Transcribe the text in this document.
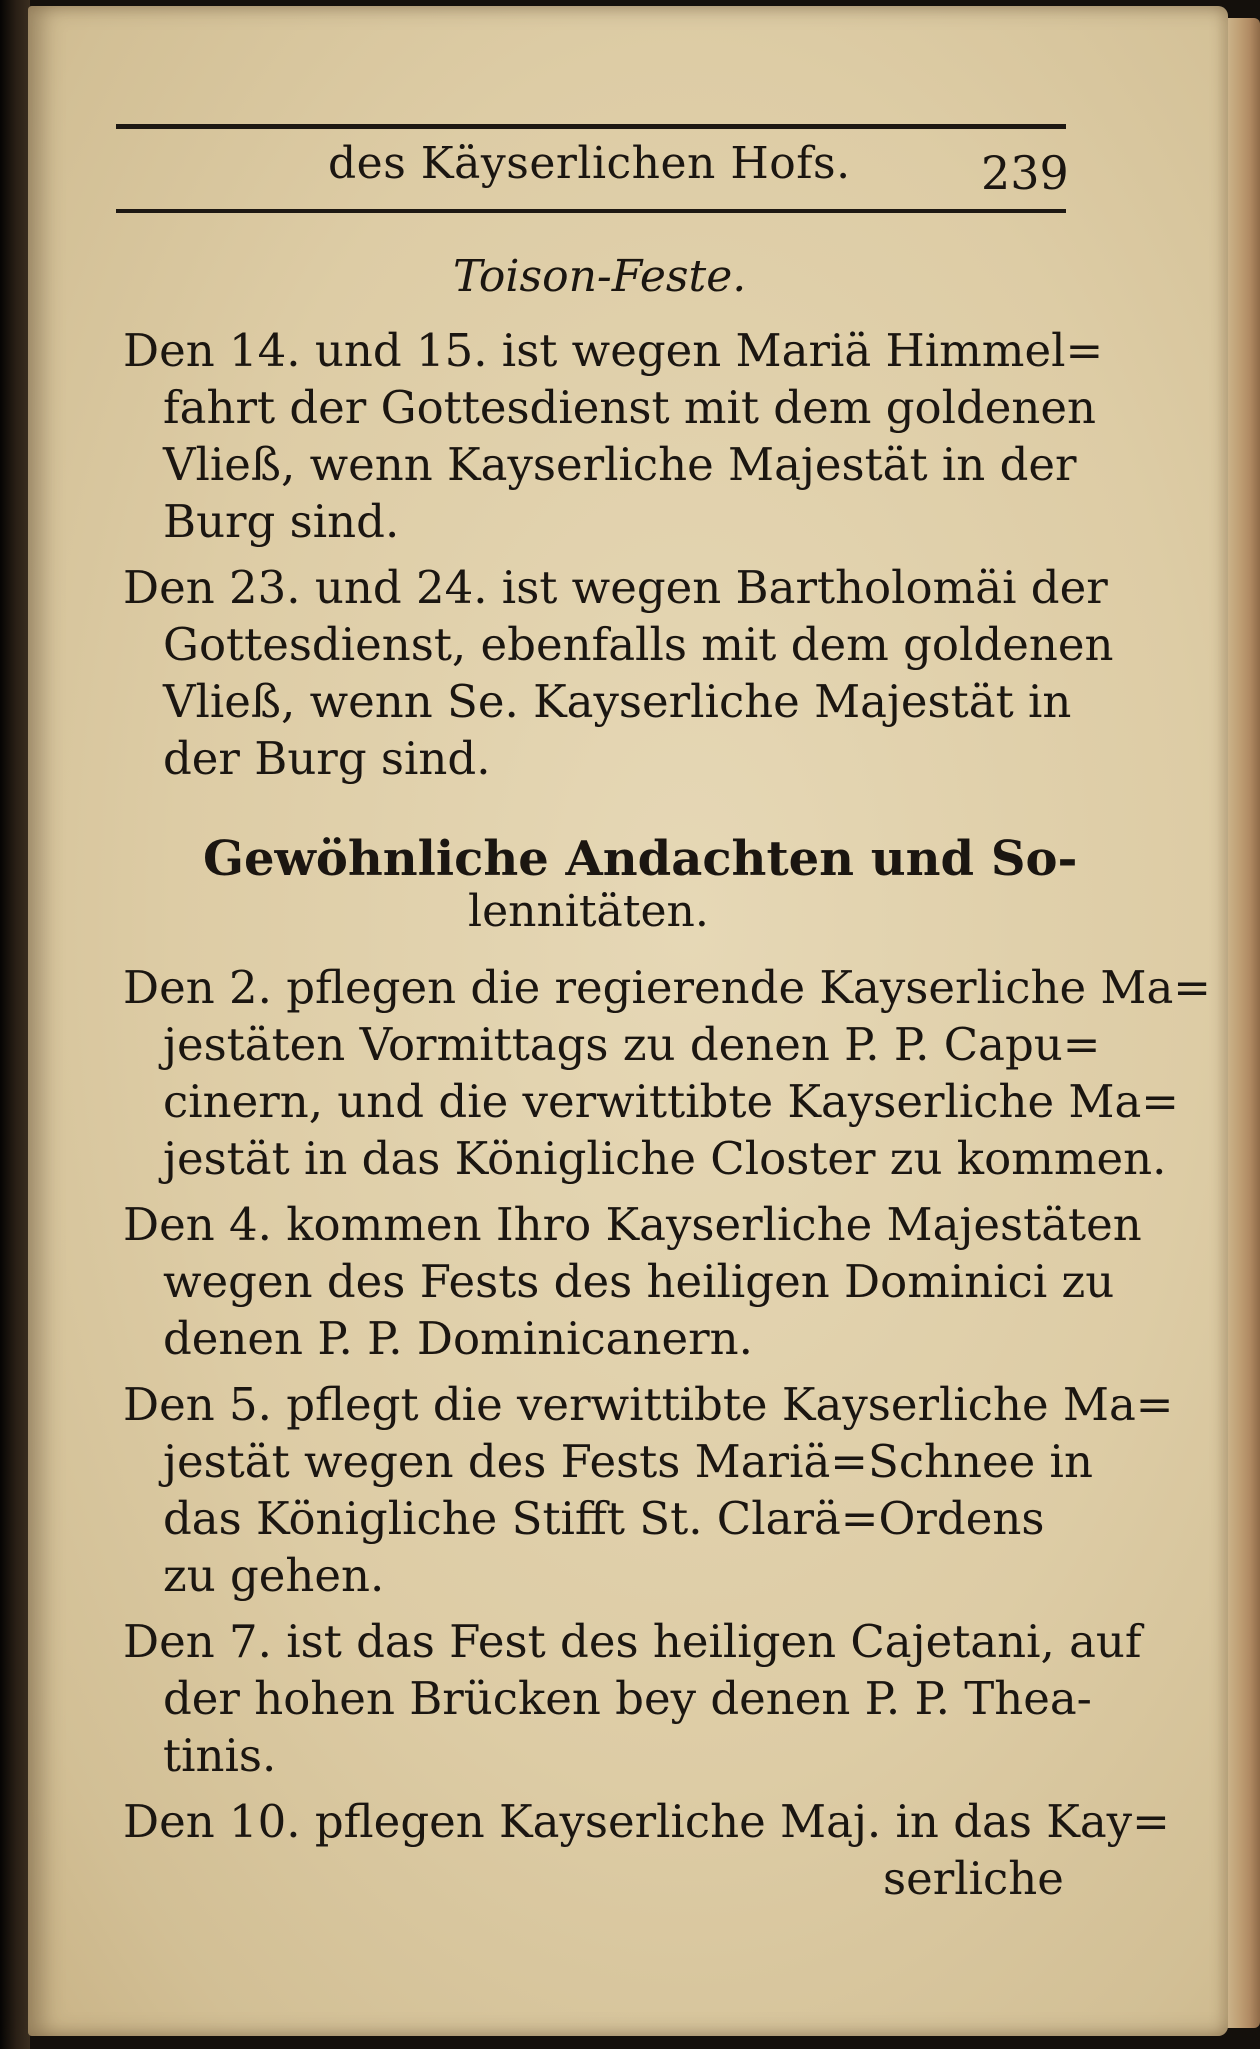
des Käyserlichen Hofs.	239
Toison-Feste.
Den 14. und 15. ist wegen Mariä Himmel=
fahrt der Gottesdienst mit dem goldenen
Vließ, wenn Kayserliche Majestät in der
Burg sind.
Den 23. und 24. ist wegen Bartholomäi der
Gottesdienst, ebenfalls mit dem goldenen
Vließ, wenn Se. Kayserliche Majestät in
der Burg sind.
Gewöhnliche Andachten und So-
lennitäten.
Den 2. pflegen die regierende Kayserliche Ma=
jestäten Vormittags zu denen P. P. Capu=
cinern, und die verwittibte Kayserliche Ma=
jestät in das Königliche Closter zu kommen.
Den 4. kommen Ihro Kayserliche Majestäten
wegen des Fests des heiligen Dominici zu
denen P. P. Dominicanern.
Den 5. pflegt die verwittibte Kayserliche Ma=
jestät wegen des Fests Mariä=Schnee in
das Königliche Stifft St. Clarä=Ordens
zu gehen.
Den 7. ist das Fest des heiligen Cajetani, auf
der hohen Brücken bey denen P. P. Thea-
tinis.
Den 10. pflegen Kayserliche Maj. in das Kay=
serliche
